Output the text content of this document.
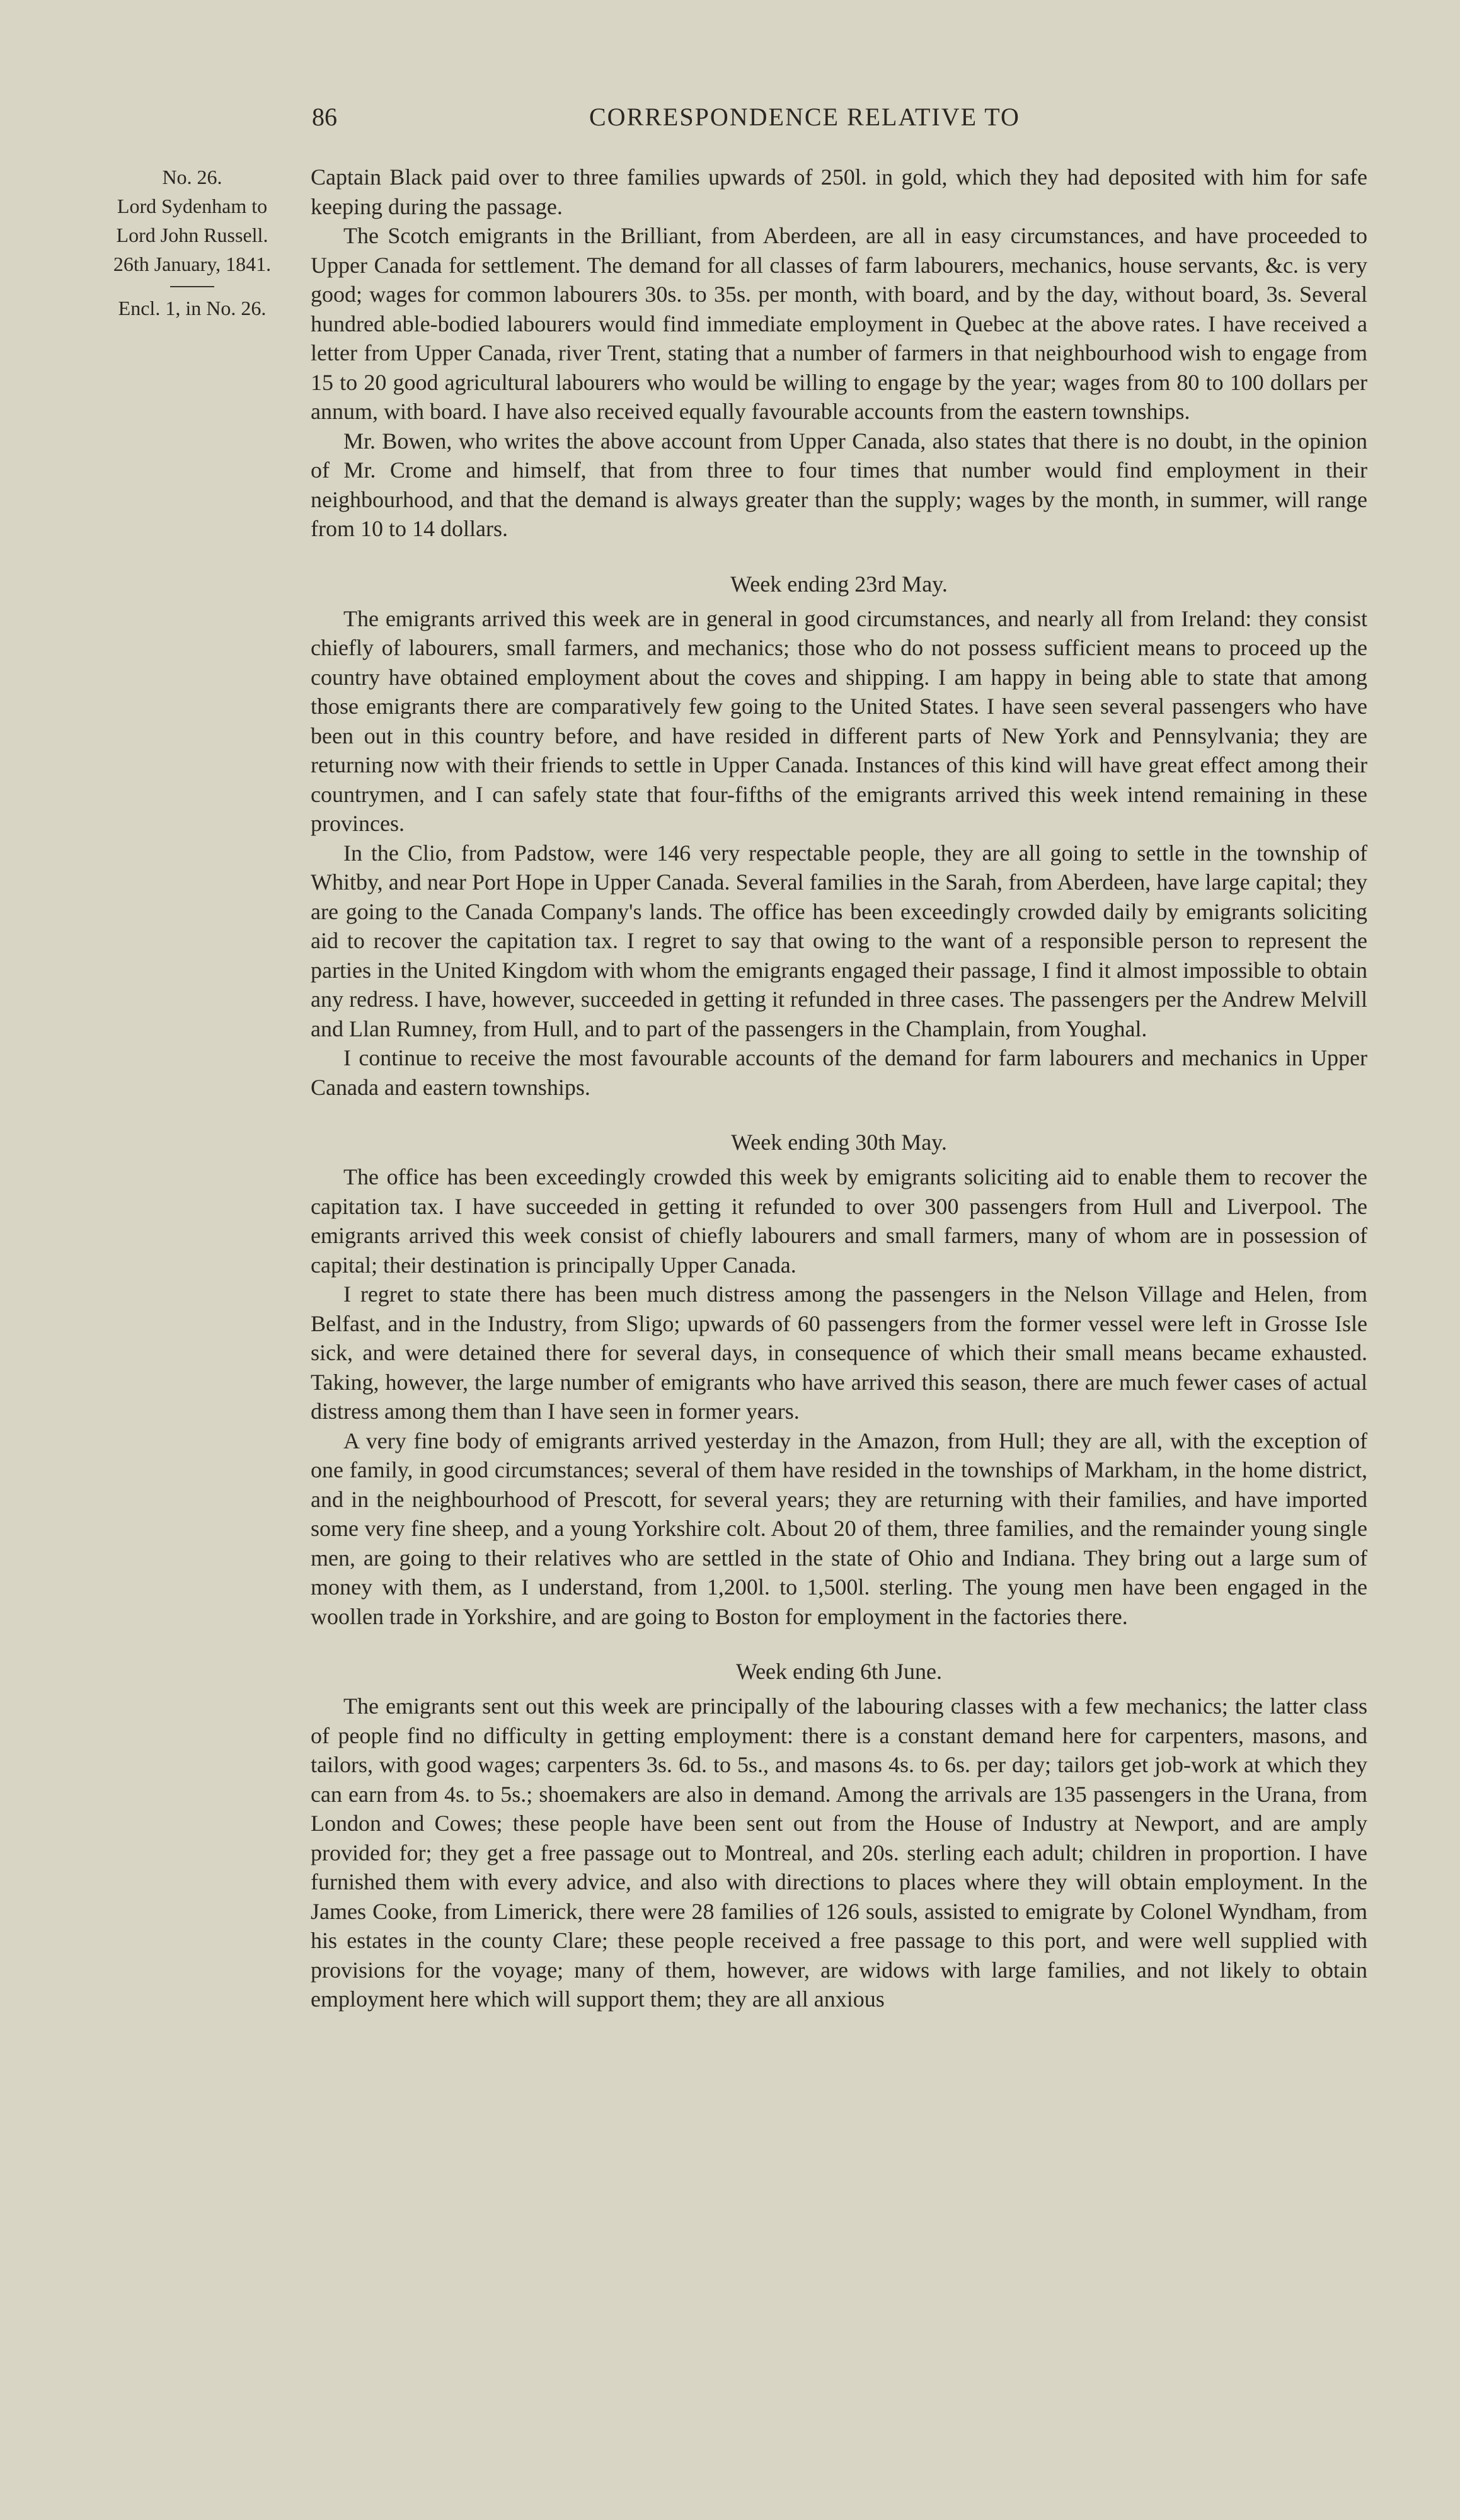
86	CORRESPONDENCE RELATIVE TO
No. 26.
Lord Sydenham to
Lord John Russell.
26th January, 1841.
Encl. 1, in No. 26.

Captain Black paid over to three families upwards of 250l. in gold, which they had deposited with him for safe keeping during the passage.

The Scotch emigrants in the Brilliant, from Aberdeen, are all in easy circumstances, and have proceeded to Upper Canada for settlement. The demand for all classes of farm labourers, mechanics, house servants, &c. is very good; wages for common labourers 30s. to 35s. per month, with board, and by the day, without board, 3s. Several hundred able-bodied labourers would find immediate employment in Quebec at the above rates. I have received a letter from Upper Canada, river Trent, stating that a number of farmers in that neighbourhood wish to engage from 15 to 20 good agricultural labourers who would be willing to engage by the year; wages from 80 to 100 dollars per annum, with board. I have also received equally favourable accounts from the eastern townships.

Mr. Bowen, who writes the above account from Upper Canada, also states that there is no doubt, in the opinion of Mr. Crome and himself, that from three to four times that number would find employment in their neighbourhood, and that the demand is always greater than the supply; wages by the month, in summer, will range from 10 to 14 dollars.

Week ending 23rd May.

The emigrants arrived this week are in general in good circumstances, and nearly all from Ireland: they consist chiefly of labourers, small farmers, and mechanics; those who do not possess sufficient means to proceed up the country have obtained employment about the coves and shipping. I am happy in being able to state that among those emigrants there are comparatively few going to the United States. I have seen several passengers who have been out in this country before, and have resided in different parts of New York and Pennsylvania; they are returning now with their friends to settle in Upper Canada. Instances of this kind will have great effect among their countrymen, and I can safely state that four-fifths of the emigrants arrived this week intend remaining in these provinces.

In the Clio, from Padstow, were 146 very respectable people, they are all going to settle in the township of Whitby, and near Port Hope in Upper Canada. Several families in the Sarah, from Aberdeen, have large capital; they are going to the Canada Company's lands. The office has been exceedingly crowded daily by emigrants soliciting aid to recover the capitation tax. I regret to say that owing to the want of a responsible person to represent the parties in the United Kingdom with whom the emigrants engaged their passage, I find it almost impossible to obtain any redress. I have, however, succeeded in getting it refunded in three cases. The passengers per the Andrew Melvill and Llan Rumney, from Hull, and to part of the passengers in the Champlain, from Youghal.

I continue to receive the most favourable accounts of the demand for farm labourers and mechanics in Upper Canada and eastern townships.

Week ending 30th May.

The office has been exceedingly crowded this week by emigrants soliciting aid to enable them to recover the capitation tax. I have succeeded in getting it refunded to over 300 passengers from Hull and Liverpool. The emigrants arrived this week consist of chiefly labourers and small farmers, many of whom are in possession of capital; their destination is principally Upper Canada.

I regret to state there has been much distress among the passengers in the Nelson Village and Helen, from Belfast, and in the Industry, from Sligo; upwards of 60 passengers from the former vessel were left in Grosse Isle sick, and were detained there for several days, in consequence of which their small means became exhausted. Taking, however, the large number of emigrants who have arrived this season, there are much fewer cases of actual distress among them than I have seen in former years.

A very fine body of emigrants arrived yesterday in the Amazon, from Hull; they are all, with the exception of one family, in good circumstances; several of them have resided in the townships of Markham, in the home district, and in the neighbourhood of Prescott, for several years; they are returning with their families, and have imported some very fine sheep, and a young Yorkshire colt. About 20 of them, three families, and the remainder young single men, are going to their relatives who are settled in the state of Ohio and Indiana. They bring out a large sum of money with them, as I understand, from 1,200l. to 1,500l. sterling. The young men have been engaged in the woollen trade in Yorkshire, and are going to Boston for employment in the factories there.

Week ending 6th June.

The emigrants sent out this week are principally of the labouring classes with a few mechanics; the latter class of people find no difficulty in getting employment: there is a constant demand here for carpenters, masons, and tailors, with good wages; carpenters 3s. 6d. to 5s., and masons 4s. to 6s. per day; tailors get job-work at which they can earn from 4s. to 5s.; shoemakers are also in demand. Among the arrivals are 135 passengers in the Urana, from London and Cowes; these people have been sent out from the House of Industry at Newport, and are amply provided for; they get a free passage out to Montreal, and 20s. sterling each adult; children in proportion. I have furnished them with every advice, and also with directions to places where they will obtain employment. In the James Cooke, from Limerick, there were 28 families of 126 souls, assisted to emigrate by Colonel Wyndham, from his estates in the county Clare; these people received a free passage to this port, and were well supplied with provisions for the voyage; many of them, however, are widows with large families, and not likely to obtain employment here which will support them; they are all anxious
